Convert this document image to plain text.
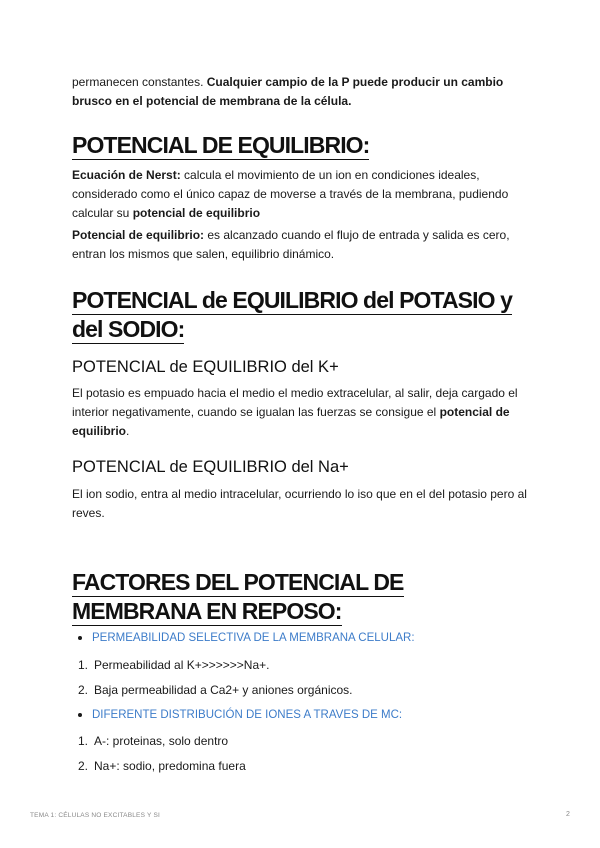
permanecen constantes. Cualquier campio de la P puede producir un cambio brusco en el potencial de membrana de la célula.

POTENCIAL DE EQUILIBRIO:

Ecuación de Nerst: calcula el movimiento de un ion en condiciones ideales, considerado como el único capaz de moverse a través de la membrana, pudiendo calcular su potencial de equilibrio

Potencial de equilibrio: es alcanzado cuando el flujo de entrada y salida es cero, entran los mismos que salen, equilibrio dinámico.

POTENCIAL de EQUILIBRIO del POTASIO y del SODIO:
POTENCIAL de EQUILIBRIO del K+

El potasio es empuado hacia el medio el medio extracelular, al salir, deja cargado el interior negativamente, cuando se igualan las fuerzas se consigue el potencial de equilibrio.

POTENCIAL de EQUILIBRIO del Na+

El ion sodio, entra al medio intracelular, ocurriendo lo iso que en el del potasio pero al reves.

FACTORES DEL POTENCIAL DE MEMBRANA EN REPOSO:
PERMEABILIDAD SELECTIVA DE LA MEMBRANA CELULAR:
1. Permeabilidad al K+>>>>>>Na+.
2. Baja permeabilidad a Ca2+ y aniones orgánicos.
DIFERENTE DISTRIBUCIÓN DE IONES A TRAVES DE MC:
1. A-: proteinas, solo dentro
2. Na+: sodio, predomina fuera
TEMA 1: CÉLULAS NO EXCITABLES Y SI	2
